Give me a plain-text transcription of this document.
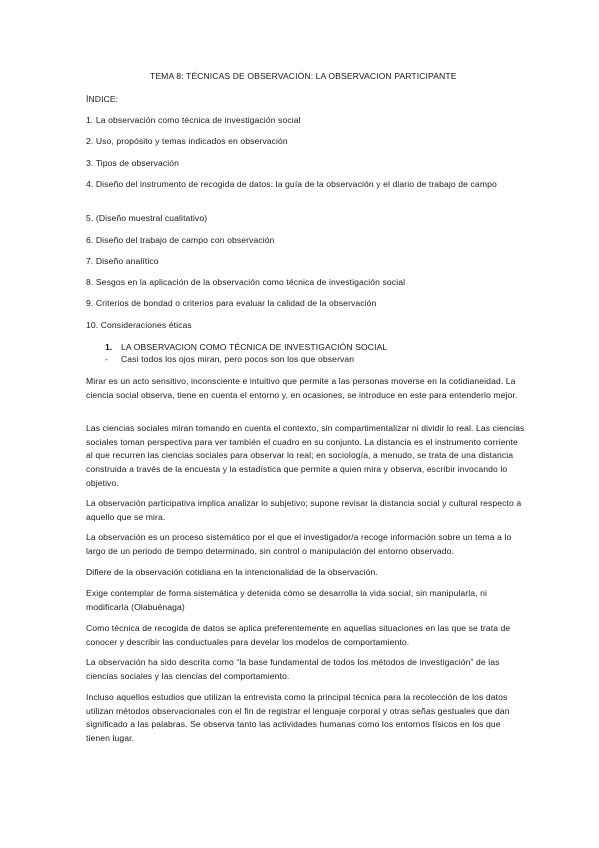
TEMA 8: TÉCNICAS DE OBSERVACIÓN: LA OBSERVACION PARTICIPANTE
ÍNDICE:
1. La observación como técnica de investigación social
2. Uso, propósito y temas indicados en observación
3. Tipos de observación
4. Diseño del instrumento de recogida de datos: la guía de la observación y el diario de trabajo de campo
5. (Diseño muestral cualitativo)
6. Diseño del trabajo de campo con observación
7. Diseño analítico
8. Sesgos en la aplicación de la observación como técnica de investigación social
9. Criterios de bondad o criterios para evaluar la calidad de la observación
10. Consideraciones éticas
1. LA OBSERVACION COMO TÉCNICA DE INVESTIGACIÓN SOCIAL
- Casi todos los ojos miran, pero pocos son los que observan
Mirar es un acto sensitivo, inconsciente e intuitivo que permite a las personas moverse en la cotidianeidad. La ciencia social observa, tiene en cuenta el entorno y, en ocasiones, se introduce en este para entenderlo mejor.
Las ciencias sociales miran tomando en cuenta el contexto, sin compartimentalizar ni dividir lo real. Las ciencias sociales toman perspectiva para ver también el cuadro en su conjunto. La distancia es el instrumento corriente al que recurren las ciencias sociales para observar lo real; en sociología, a menudo, se trata de una distancia construida a través de la encuesta y la estadística que permite a quien mira y observa, escribir invocando lo objetivo.
La observación participativa implica analizar lo subjetivo; supone revisar la distancia social y cultural respecto a aquello que se mira.
La observación es un proceso sistemático por el que el investigador/a recoge información sobre un tema a lo largo de un periodo de tiempo determinado, sin control o manipulación del entorno observado.
Difiere de la observación cotidiana en la intencionalidad de la observación.
Exige contemplar de forma sistemática y detenida cómo se desarrolla la vida social, sin manipularla, ni modificarla (Olabuénaga)
Como técnica de recogida de datos se aplica preferentemente en aquellas situaciones en las que se trata de conocer y describir las conductuales para develar los modelos de comportamiento.
La observación ha sido descrita como “la base fundamental de todos los métodos de investigación” de las ciencias sociales y las ciencias del comportamiento.
Incluso aquellos estudios que utilizan la entrevista como la principal técnica para la recolección de los datos utilizan métodos observacionales con el fin de registrar el lenguaje corporal y otras señas gestuales que dan significado a las palabras. Se observa tanto las actividades humanas como los entornos físicos en los que tienen lugar.
